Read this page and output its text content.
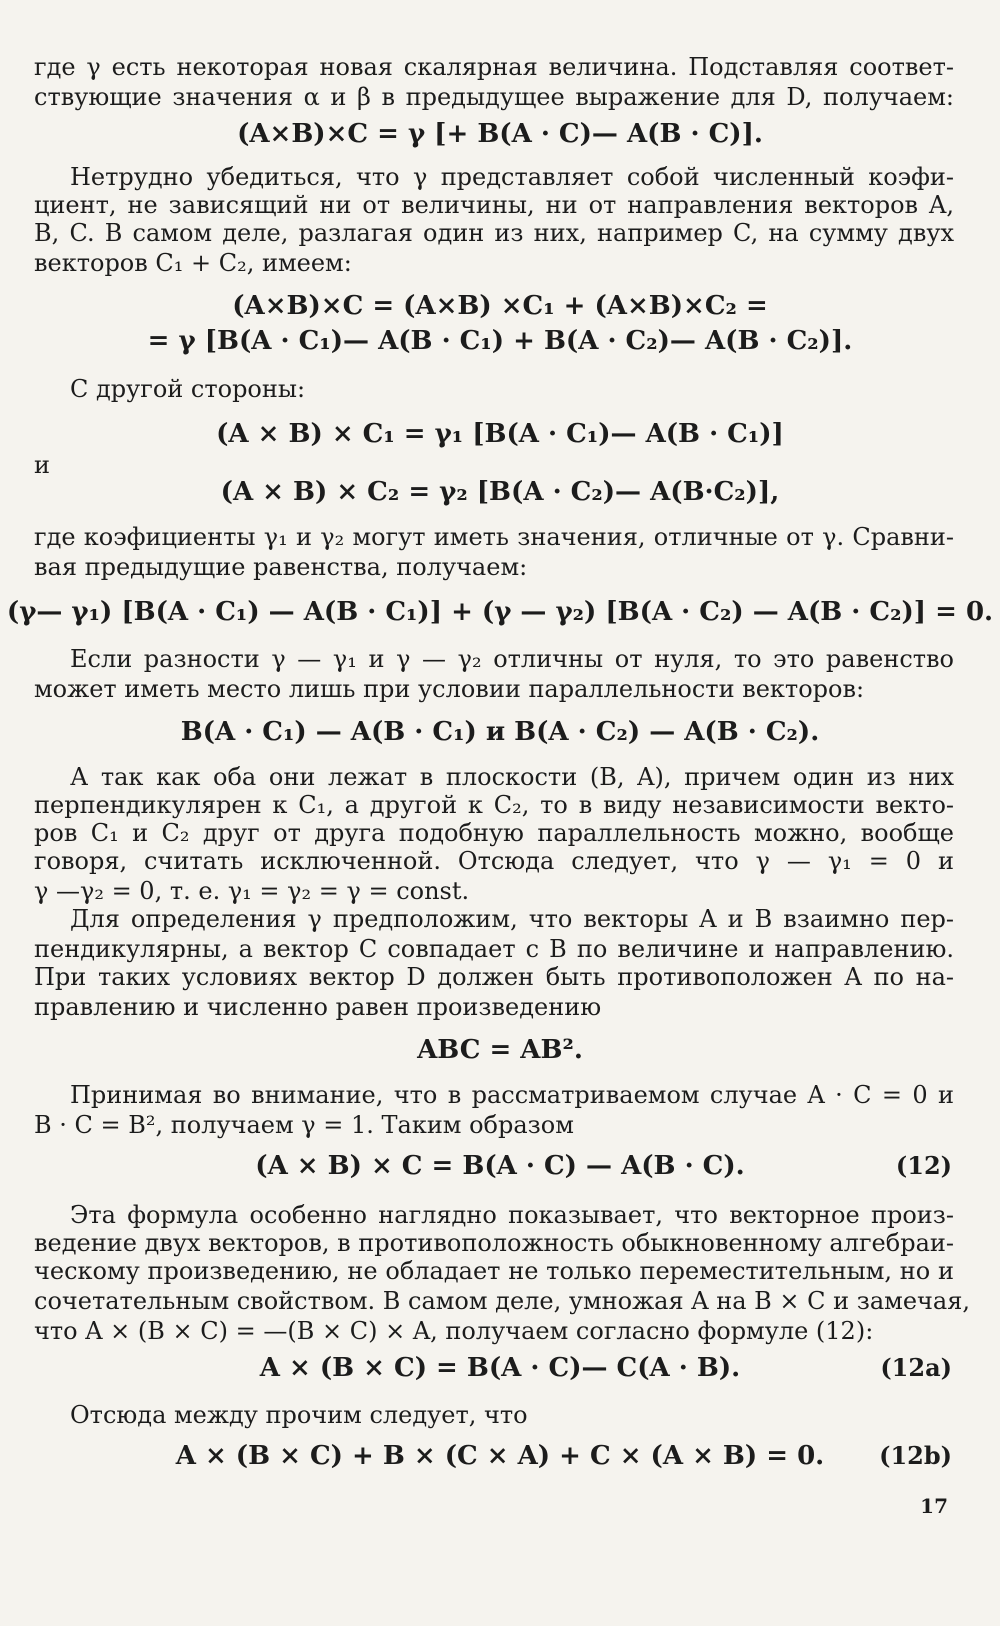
где γ есть некоторая новая скалярная величина. Подставляя соответ-
ствующие значения α и β в предыдущее выражение для D, получаем:
(A×B)×C = γ [+ B(A · C)— A(B · C)].
Нетрудно убедиться, что γ представляет собой численный коэфи-
циент, не зависящий ни от величины, ни от направления векторов A,
B, C. В самом деле, разлагая один из них, например C, на сумму двух
векторов C₁ + C₂, имеем:
(A×B)×C = (A×B) ×C₁ + (A×B)×C₂ =
= γ [B(A · C₁)— A(B · C₁) + B(A · C₂)— A(B · C₂)].
С другой стороны:
(A × B) × C₁ = γ₁ [B(A · C₁)— A(B · C₁)]
и
(A × B) × C₂ = γ₂ [B(A · C₂)— A(B·C₂)],
где коэфициенты γ₁ и γ₂ могут иметь значения, отличные от γ. Сравни-
вая предыдущие равенства, получаем:
(γ— γ₁) [B(A · C₁) — A(B · C₁)] + (γ — γ₂) [B(A · C₂) — A(B · C₂)] = 0.
Если разности γ — γ₁ и γ — γ₂ отличны от нуля, то это равенство
может иметь место лишь при условии параллельности векторов:
B(A · C₁) — A(B · C₁) и B(A · C₂) — A(B · C₂).
А так как оба они лежат в плоскости (B, A), причем один из них
перпендикулярен к C₁, а другой к C₂, то в виду независимости векто-
ров C₁ и C₂ друг от друга подобную параллельность можно, вообще
говоря, считать исключенной. Отсюда следует, что γ — γ₁ = 0 и
γ —γ₂ = 0, т. е. γ₁ = γ₂ = γ = const.
Для определения γ предположим, что векторы A и B взаимно пер-
пендикулярны, а вектор C совпадает с B по величине и направлению.
При таких условиях вектор D должен быть противоположен A по на-
правлению и численно равен произведению
ABC = AB².
Принимая во внимание, что в рассматриваемом случае A · C = 0 и
B · C = B², получаем γ = 1. Таким образом
(A × B) × C = B(A · C) — A(B · C).	(12)
Эта формула особенно наглядно показывает, что векторное произ-
ведение двух векторов, в противоположность обыкновенному алгебраи-
ческому произведению, не обладает не только переместительным, но и
сочетательным свойством. В самом деле, умножая A на B × C и замечая,
что A × (B × C) = —(B × C) × A, получаем согласно формуле (12):
A × (B × C) = B(A · C)— C(A · B).	(12a)
Отсюда между прочим следует, что
A × (B × C) + B × (C × A) + C × (A × B) = 0.	(12b)
17
